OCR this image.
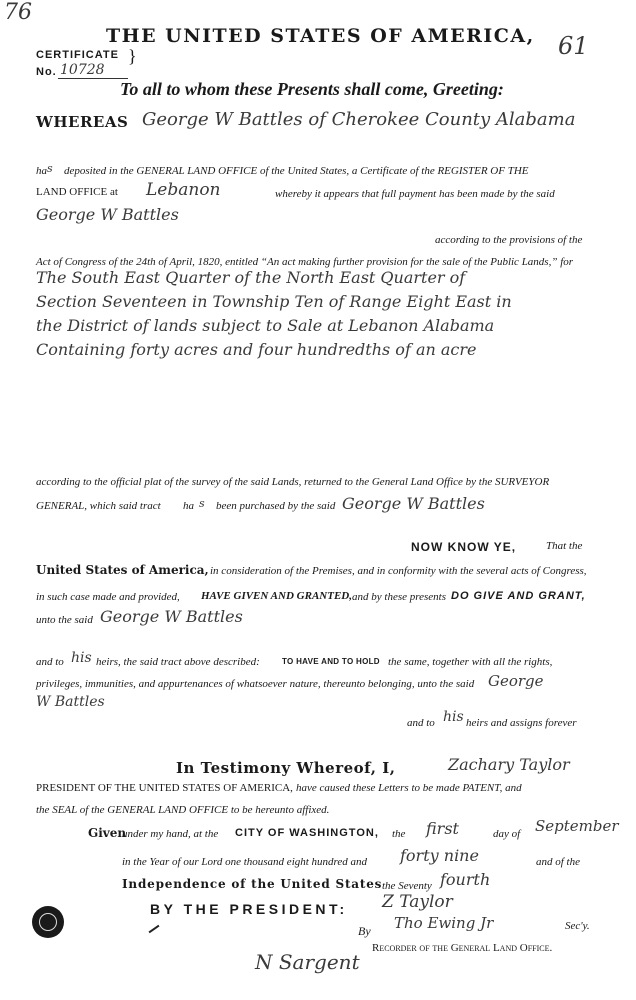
76
61
THE UNITED STATES OF AMERICA,
CERTIFICATE }
No. 10728
To all to whom these Presents shall come, Greeting:
WHEREAS George W Battles of Cherokee County Alabama
ha s deposited in the GENERAL LAND OFFICE of the United States, a Certificate of the REGISTER OF THE
LAND OFFICE at Lebanon	whereby it appears that full payment has been made by the said
George W Battles
according to the provisions of the
Act of Congress of the 24th of April, 1820, entitled “An act making further provision for the sale of the Public Lands,” for
The South East Quarter of the North East Quarter of
Section Seventeen in Township Ten of Range Eight East in
the District of lands subject to Sale at Lebanon Alabama
Containing forty acres and four hundredths of an acre
according to the official plat of the survey of the said Lands, returned to the General Land Office by the SURVEYOR
GENERAL, which said tract ha s been purchased by the said George W Battles
NOW KNOW YE,	That the
United States of America, in consideration of the Premises, and in conformity with the several acts of Congress,
in such case made and provided, HAVE GIVEN AND GRANTED, and by these presents DO GIVE AND GRANT,
unto the said George W Battles
and to his heirs, the said tract above described:	TO HAVE AND TO HOLD the same, together with all the rights,
privileges, immunities, and appurtenances of whatsoever nature, thereunto belonging, unto the said George
W Battles
and to his heirs and assigns forever
In Testimony Whereof, I,	Zachary Taylor
PRESIDENT OF THE UNITED STATES OF AMERICA, have caused these Letters to be made PATENT, and
the SEAL of the GENERAL LAND OFFICE to be hereunto affixed.
Given
under my hand, at the CITY OF WASHINGTON, the first	day of September
in the Year of our Lord one thousand eight hundred and forty nine	and of the
Independence of the United States the Seventy fourth
BY THE PRESIDENT: Z Taylor
By Tho Ewing Jr	Sec'y.
Recorder of the General Land Office.
N Sargent
